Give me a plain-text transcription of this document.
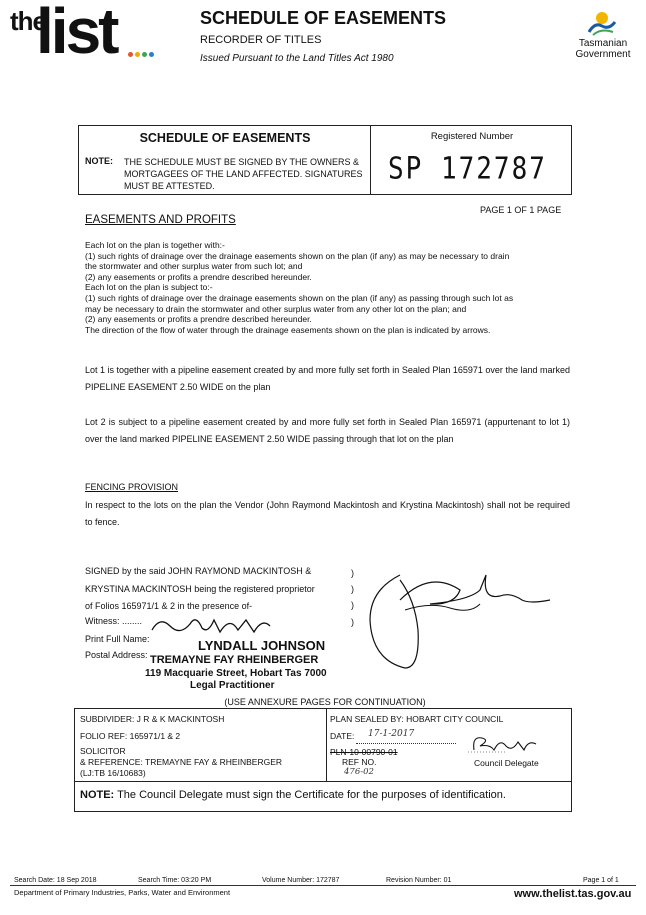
the
list	SCHEDULE OF EASEMENTS
RECORDER OF TITLES
Issued Pursuant to the Land Titles Act 1980
Tasmanian
Government
SCHEDULE OF EASEMENTS
NOTE: THE SCHEDULE MUST BE SIGNED BY THE OWNERS & MORTGAGEES OF THE LAND AFFECTED. SIGNATURES MUST BE ATTESTED.
Registered Number
SP 172787
PAGE 1 OF 1 PAGE
EASEMENTS AND PROFITS
Each lot on the plan is together with:-
(1) such rights of drainage over the drainage easements shown on the plan (if any) as may be necessary to drain
the stormwater and other surplus water from such lot; and
(2) any easements or profits a prendre described hereunder.
Each lot on the plan is subject to:-
(1) such rights of drainage over the drainage easements shown on the plan (if any) as passing through such lot as
may be necessary to drain the stormwater and other surplus water from any other lot on the plan; and
(2) any easements or profits a prendre described hereunder.
The direction of the flow of water through the drainage easements shown on the plan is indicated by arrows.
Lot 1 is together with a pipeline easement created by and more fully set forth in Sealed Plan 165971 over the land marked PIPELINE EASEMENT 2.50 WIDE on the plan
Lot 2 is subject to a pipeline easement created by and more fully set forth in Sealed Plan 165971 (appurtenant to lot 1) over the land marked PIPELINE EASEMENT 2.50 WIDE passing through that lot on the plan
FENCING PROVISION
In respect to the lots on the plan the Vendor (John Raymond Mackintosh and Krystina Mackintosh) shall not be required to fence.
SIGNED by the said JOHN RAYMOND MACKINTOSH &
KRYSTINA MACKINTOSH being the registered proprietor
of Folios 165971/1 & 2 in the presence of-
Witness: ........
Print Full Name:
Postal Address:
)
)
)
)
LYNDALL JOHNSON
TREMAYNE FAY RHEINBERGER
119 Macquarie Street, Hobart Tas 7000
Legal Practitioner
(USE ANNEXURE PAGES FOR CONTINUATION)
SUBDIVIDER: J R & K MACKINTOSH
FOLIO REF: 165971/1 & 2
SOLICITOR
& REFERENCE: TREMAYNE FAY & RHEINBERGER
(LJ:TB 16/10683)
PLAN SEALED BY: HOBART CITY COUNCIL
DATE: 17-1-2017
PLN-10-00790-01
REF NO.
476-02
Council Delegate
NOTE: The Council Delegate must sign the Certificate for the purposes of identification.
Search Date: 18 Sep 2018	Search Time: 03:20 PM	Volume Number: 172787	Revision Number: 01	Page 1 of 1
Department of Primary Industries, Parks, Water and Environment	www.thelist.tas.gov.au
